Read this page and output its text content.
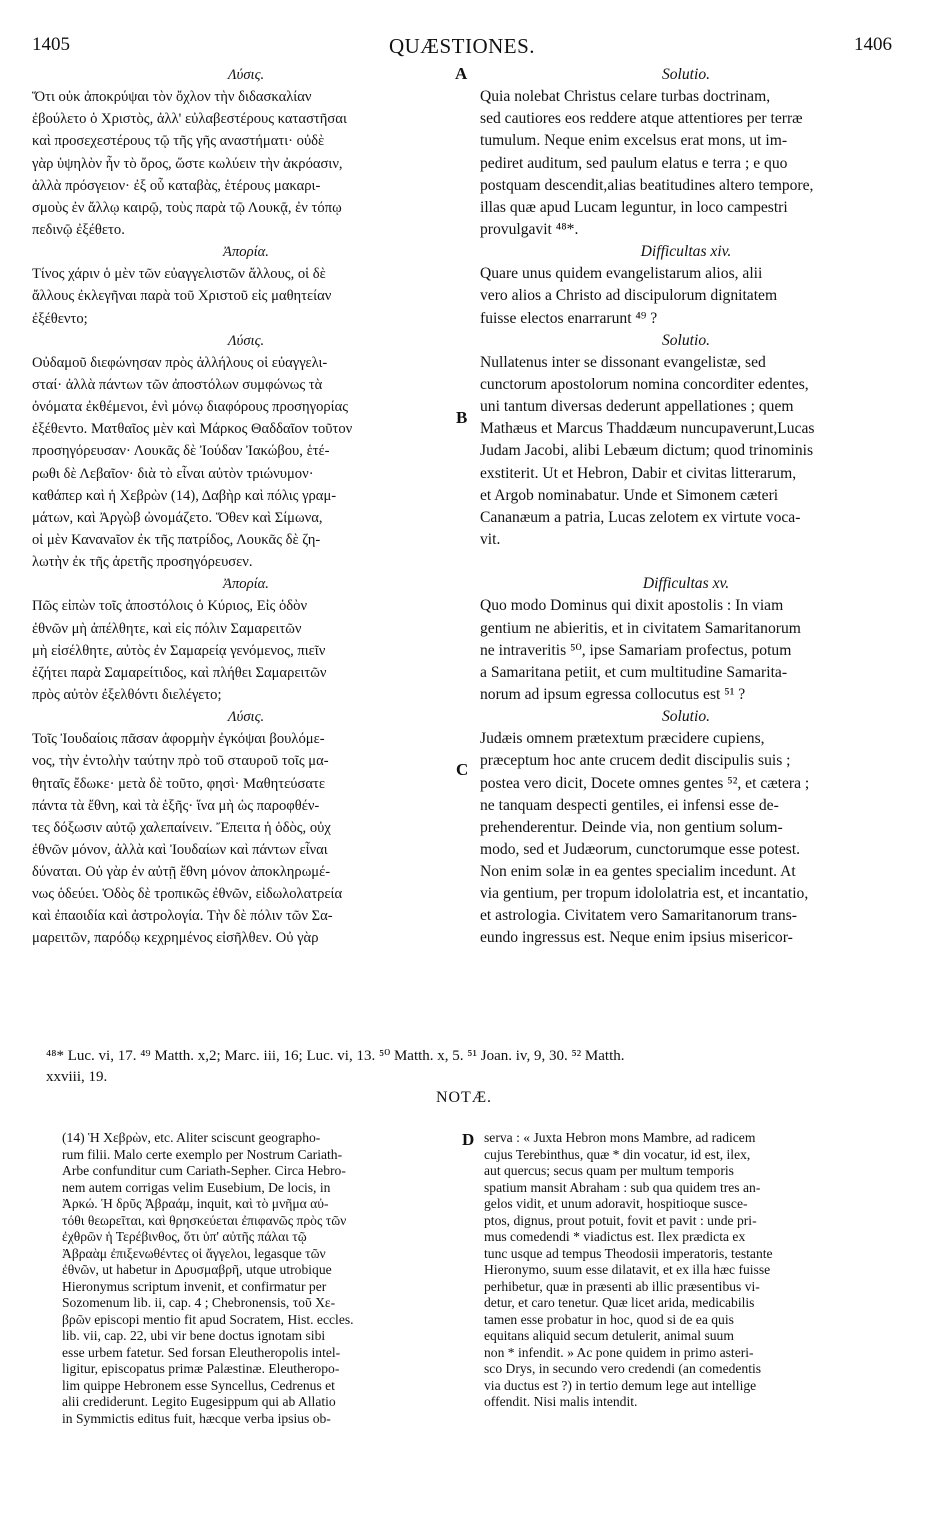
1405	QUÆSTIONES.	1406
Λύσις.
Ὅτι οὐκ ἀποκρύψαι τὸν ὄχλον τὴν διδασκαλίαν
ἐβούλετο ὁ Χριστὸς, ἀλλ' εὐλαβεστέρους καταστῆσαι
καὶ προσεχεστέρους τῷ τῆς γῆς αναστήματι· οὐδὲ
γὰρ ὑψηλὸν ἦν τὸ ὄρος, ὥστε κωλύειν τὴν ἀκρόασιν,
ἀλλὰ πρόσγειον· ἐξ οὗ καταβὰς, ἑτέρους μακαρι-
σμοὺς ἐν ἄλλῳ καιρῷ, τοὺς παρὰ τῷ Λουκᾷ, ἐν τόπῳ
πεδινῷ ἐξέθετο.
Ἀπορία.
Τίνος χάριν ὁ μὲν τῶν εὐαγγελιστῶν ἄλλους, οἱ δὲ
ἄλλους ἐκλεγῆναι παρὰ τοῦ Χριστοῦ εἰς μαθητείαν
ἐξέθεντο;
Λύσις.
Οὐδαμοῦ διεφώνησαν πρὸς ἀλλήλους οἱ εὐαγγελι-
σταί· ἀλλὰ πάντων τῶν ἀποστόλων συμφώνως τὰ
ὀνόματα ἐκθέμενοι, ἑνὶ μόνῳ διαφόρους προσηγορίας
ἐξέθεντο. Ματθαῖος μὲν καὶ Μάρκος Θαδδαῖον τοῦτον
προσηγόρευσαν· Λουκᾶς δὲ Ἰούδαν Ἰακώβου, ἑτέ-
ρωθι δὲ Λεβαῖον· διὰ τὸ εἶναι αὐτὸν τριώνυμον·
καθάπερ καὶ ἡ Χεβρὼν (14), Δαβὴρ καὶ πόλις γραμ-
μάτων, καὶ Ἀργὼβ ὠνομάζετο. Ὅθεν καὶ Σίμωνα,
οἱ μὲν Κανανaῖον ἐκ τῆς πατρίδος, Λουκᾶς δὲ ζη-
λωτὴν ἐκ τῆς ἀρετῆς προσηγόρευσεν.
Ἀπορία.
Πῶς εἰπὼν τοῖς ἀποστόλοις ὁ Κύριος, Εἰς ὁδὸν
ἐθνῶν μὴ ἀπέλθητε, καὶ εἰς πόλιν Σαμαρειτῶν
μὴ εἰσέλθητε, αὐτὸς ἐν Σαμαρείᾳ γενόμενος, πιεῖν
ἐζήτει παρὰ Σαμαρείτιδος, καὶ πλήθει Σαμαρειτῶν
πρὸς αὐτὸν ἐξελθόντι διελέγετο;
Λύσις.
Τοῖς Ἰουδαίοις πᾶσαν ἀφορμὴν ἐγκόψαι βουλόμε-
νος, τὴν ἐντολὴν ταύτην πρὸ τοῦ σταυροῦ τοῖς μα-
θηταῖς ἔδωκε· μετὰ δὲ τοῦτο, φησὶ· Μαθητεύσατε
πάντα τὰ ἔθνη, καὶ τὰ ἑξῆς· ἵνα μὴ ὡς παροφθέν-
τες δόξωσιν αὐτῷ χαλεπαίνειν. Ἔπειτα ἡ ὁδὸς, οὐχ
ἐθνῶν μόνον, ἀλλὰ καὶ Ἰουδαίων καὶ πάντων εἶναι
δύναται. Οὐ γὰρ ἐν αὐτῇ ἔθνη μόνον ἀποκληρωμέ-
νως ὁδεύει. Ὁδὸς δὲ τροπικῶς ἐθνῶν, εἰδωλολατρεία
καὶ ἐπαοιδία καὶ ἀστρολογία. Τὴν δὲ πόλιν τῶν Σα-
μαρειτῶν, παρόδῳ κεχρημένος εἰσῆλθεν. Οὐ γὰρ
Solutio.
Quia nolebat Christus celare turbas doctrinam,
sed cautiores eos reddere atque attentiores per terræ
tumulum. Neque enim excelsus erat mons, ut im-
pediret auditum, sed paulum elatus e terra ; e quo
postquam descendit,alias beatitudines altero tempore,
illas quæ apud Lucam leguntur, in loco campestri
provulgavit ⁴⁸*.
Difficultas xiv.
Quare unus quidem evangelistarum alios, alii
vero alios a Christo ad discipulorum dignitatem
fuisse electos enarrarunt ⁴⁹ ?
Solutio.
Nullatenus inter se dissonant evangelistæ, sed
cunctorum apostolorum nomina concorditer edentes,
uni tantum diversas dederunt appellationes ; quem
Mathæus et Marcus Thaddæum nuncupaverunt,Lucas
Judam Jacobi, alibi Lebæum dictum; quod trinominis
exstiterit. Ut et Hebron, Dabir et civitas litterarum,
et Argob nominabatur. Unde et Simonem cæteri
Cananæum a patria, Lucas zelotem ex virtute voca-
vit.
Difficultas xv.
Quo modo Dominus qui dixit apostolis : In viam
gentium ne abieritis, et in civitatem Samaritanorum
ne intraveritis ⁵⁰, ipse Samariam profectus, potum
a Samaritana petiit, et cum multitudine Samarita-
norum ad ipsum egressa collocutus est ⁵¹ ?
Solutio.
Judæis omnem prætextum præcidere cupiens,
præceptum hoc ante crucem dedit discipulis suis ;
postea vero dicit, Docete omnes gentes ⁵², et cætera ;
ne tanquam despecti gentiles, ei infensi esse de-
prehenderentur. Deinde via, non gentium solum-
modo, sed et Judæorum, cunctorumque esse potest.
Non enim solæ in ea gentes specialim incedunt. At
via gentium, per tropum idololatria est, et incantatio,
et astrologia. Civitatem vero Samaritanorum trans-
eundo ingressus est. Neque enim ipsius misericor-
A
B
C
⁴⁸* Luc. vi, 17. ⁴⁹ Matth. x,2; Marc. iii, 16; Luc. vi, 13. ⁵⁰ Matth. x, 5. ⁵¹ Joan. iv, 9, 30. ⁵² Matth.
xxviii, 19.
NOTÆ.
(14) Ἡ Χεβρὼν, etc. Aliter sciscunt geographo-
rum filii. Malo certe exemplo per Nostrum Cariath-
Arbe confunditur cum Cariath-Sepher. Circa Hebro-
nem autem corrigas velim Eusebium, De locis, in
Ἀρκώ. Ἡ δρῦς Ἀβραάμ, inquit, καὶ τὸ μνῆμα αὐ-
τόθι θεωρεῖται, καὶ θρησκεύεται ἐπιφανῶς πρὸς τῶν
ἐχθρῶν ἡ Τερέβινθος, ὅτι ὑπ' αὐτῆς πάλαι τῷ
Ἀβραὰμ ἐπιξενωθέντες οἱ ἄγγελοι, legasque τῶν
ἐθνῶν, ut habetur in Δρυσμαβρῆ, utque utrobique
Hieronymus scriptum invenit, et confirmatur per
Sozomenum lib. ii, cap. 4 ; Chebronensis, τοῦ Χε-
βρῶν episcopi mentio fit apud Socratem, Hist. eccles.
lib. vii, cap. 22, ubi vir bene doctus ignotam sibi
esse urbem fatetur. Sed forsan Eleutheropolis intel-
ligitur, episcopatus primæ Palæstinæ. Eleutheropo-
lim quippe Hebronem esse Syncellus, Cedrenus et
alii crediderunt. Legito Eugesippum qui ab Allatio
in Symmictis editus fuit, hæcque verba ipsius ob-
D serva : « Juxta Hebron mons Mambre, ad radicem
cujus Terebinthus, quæ * din vocatur, id est, ilex,
aut quercus; secus quam per multum temporis
spatium mansit Abraham : sub qua quidem tres an-
gelos vidit, et unum adoravit, hospitioque susce-
ptos, dignus, prout potuit, fovit et pavit : unde pri-
mus comedendi * viadictus est. Ilex prædicta ex
tunc usque ad tempus Theodosii imperatoris, testante
Hieronymo, suum esse dilatavit, et ex illa hæc fuisse
perhibetur, quæ in præsenti ab illic præsentibus vi-
detur, et caro tenetur. Quæ licet arida, medicabilis
tamen esse probatur in hoc, quod si de ea quis
equitans aliquid secum detulerit, animal suum
non * infendit. » Ac pone quidem in primo asteri-
sco Drys, in secundo vero credendi (an comedentis
via ductus est ?) in tertio demum lege aut intellige
offendit. Nisi malis intendit.
